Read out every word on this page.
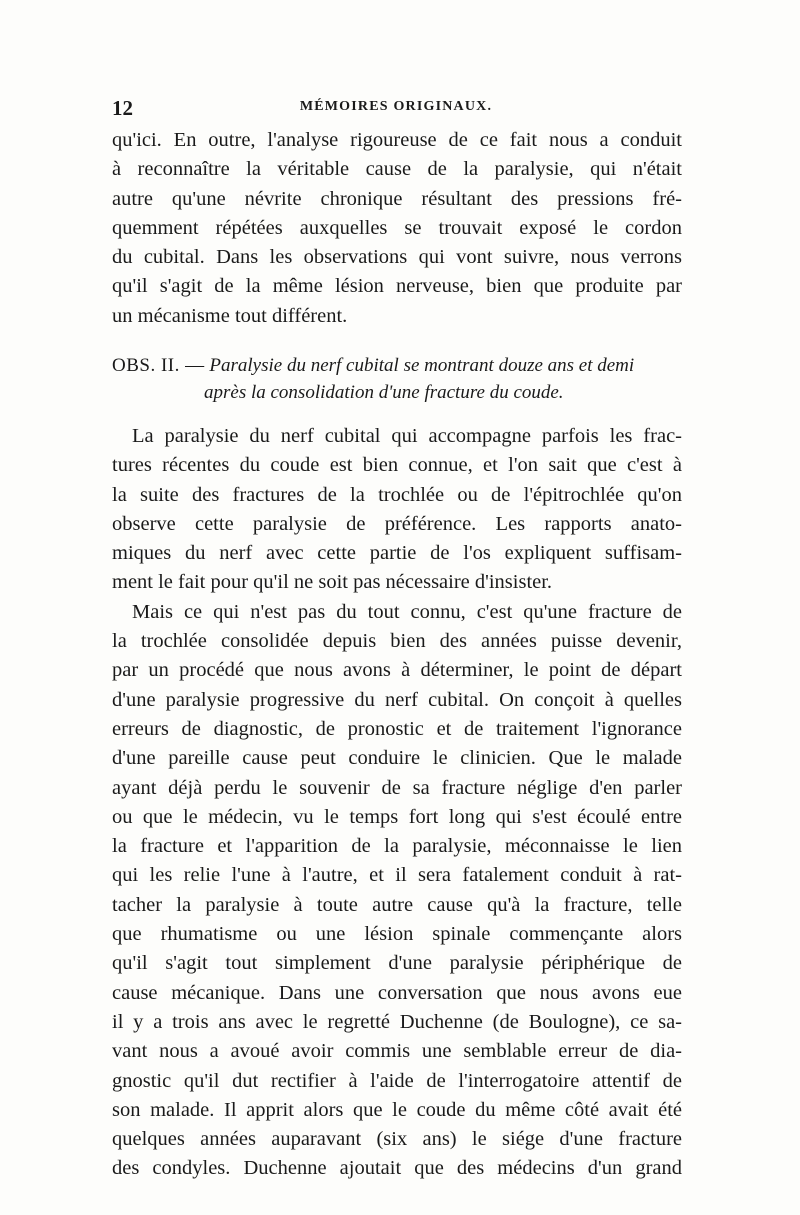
12	MÉMOIRES ORIGINAUX.
qu'ici. En outre, l'analyse rigoureuse de ce fait nous a conduit
à reconnaître la véritable cause de la paralysie, qui n'était
autre qu'une névrite chronique résultant des pressions fré-
quemment répétées auxquelles se trouvait exposé le cordon
du cubital. Dans les observations qui vont suivre, nous verrons
qu'il s'agit de la même lésion nerveuse, bien que produite par
un mécanisme tout différent.
OBS. II. — Paralysie du nerf cubital se montrant douze ans et demi
après la consolidation d'une fracture du coude.
La paralysie du nerf cubital qui accompagne parfois les frac-
tures récentes du coude est bien connue, et l'on sait que c'est à
la suite des fractures de la trochlée ou de l'épitrochlée qu'on
observe cette paralysie de préférence. Les rapports anato-
miques du nerf avec cette partie de l'os expliquent suffisam-
ment le fait pour qu'il ne soit pas nécessaire d'insister.
Mais ce qui n'est pas du tout connu, c'est qu'une fracture de
la trochlée consolidée depuis bien des années puisse devenir,
par un procédé que nous avons à déterminer, le point de départ
d'une paralysie progressive du nerf cubital. On conçoit à quelles
erreurs de diagnostic, de pronostic et de traitement l'ignorance
d'une pareille cause peut conduire le clinicien. Que le malade
ayant déjà perdu le souvenir de sa fracture néglige d'en parler
ou que le médecin, vu le temps fort long qui s'est écoulé entre
la fracture et l'apparition de la paralysie, méconnaisse le lien
qui les relie l'une à l'autre, et il sera fatalement conduit à rat-
tacher la paralysie à toute autre cause qu'à la fracture, telle
que rhumatisme ou une lésion spinale commençante alors
qu'il s'agit tout simplement d'une paralysie périphérique de
cause mécanique. Dans une conversation que nous avons eue
il y a trois ans avec le regretté Duchenne (de Boulogne), ce sa-
vant nous a avoué avoir commis une semblable erreur de dia-
gnostic qu'il dut rectifier à l'aide de l'interrogatoire attentif de
son malade. Il apprit alors que le coude du même côté avait été
quelques années auparavant (six ans) le siége d'une fracture
des condyles. Duchenne ajoutait que des médecins d'un grand
